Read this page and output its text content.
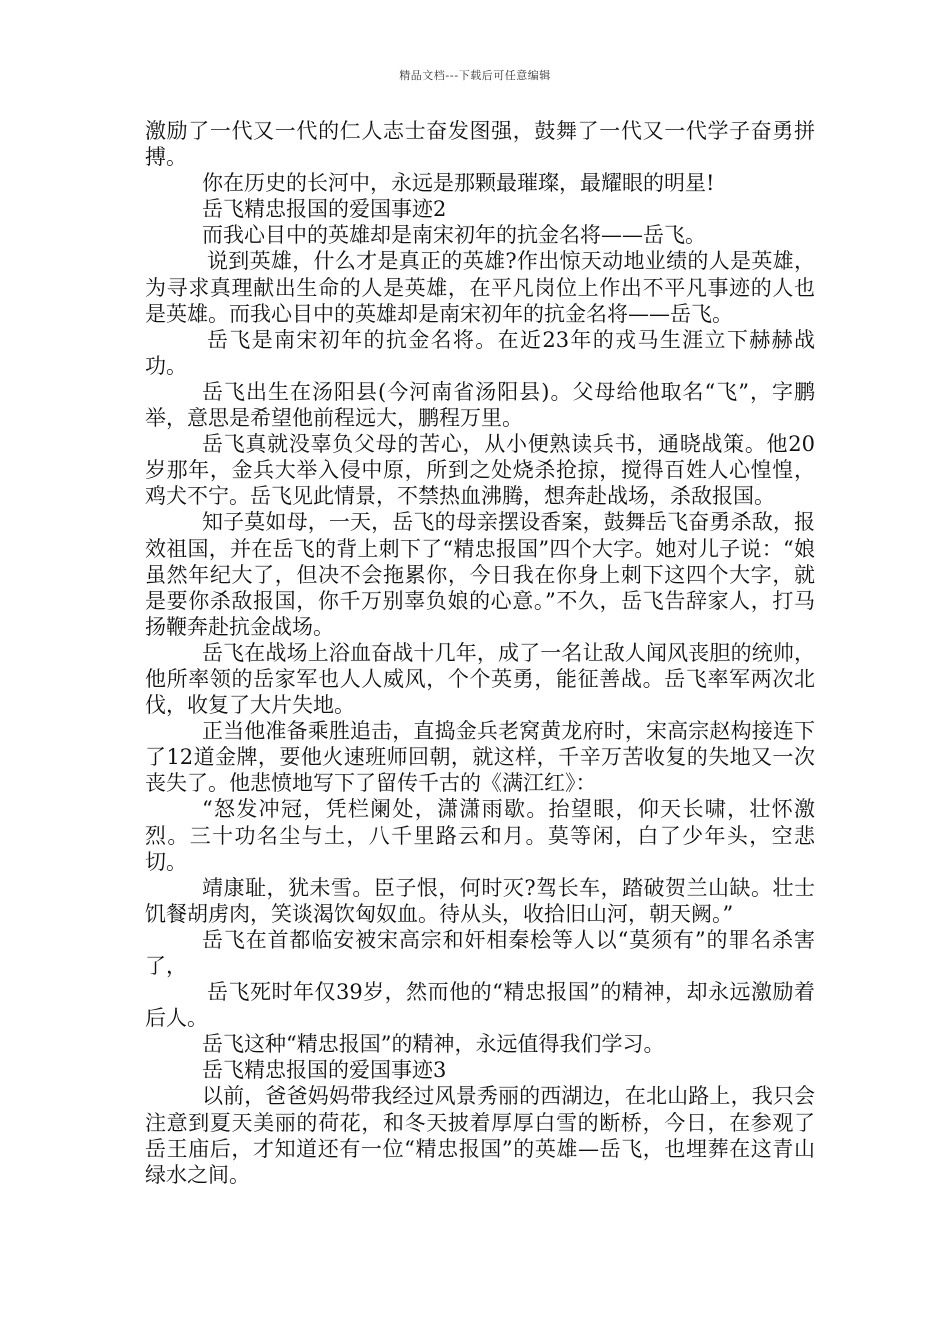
精品文档---下载后可任意编辑

激励了一代又一代的仁人志士奋发图强，鼓舞了一代又一代学子奋勇拼搏。

你在历史的长河中，永远是那颗最璀璨，最耀眼的明星!

岳飞精忠报国的爱国事迹2

而我心目中的英雄却是南宋初年的抗金名将——岳飞。

说到英雄，什么才是真正的英雄?作出惊天动地业绩的人是英雄，为寻求真理献出生命的人是英雄，在平凡岗位上作出不平凡事迹的人也是英雄。而我心目中的英雄却是南宋初年的抗金名将——岳飞。

岳飞是南宋初年的抗金名将。在近23年的戎马生涯立下赫赫战功。

岳飞出生在汤阳县(今河南省汤阳县)。父母给他取名“飞”，字鹏举，意思是希望他前程远大，鹏程万里。

岳飞真就没辜负父母的苦心，从小便熟读兵书，通晓战策。他20岁那年，金兵大举入侵中原，所到之处烧杀抢掠，搅得百姓人心惶惶，鸡犬不宁。岳飞见此情景，不禁热血沸腾，想奔赴战场，杀敌报国。

知子莫如母，一天，岳飞的母亲摆设香案，鼓舞岳飞奋勇杀敌，报效祖国，并在岳飞的背上刺下了“精忠报国”四个大字。她对儿子说：“娘虽然年纪大了，但决不会拖累你，今日我在你身上刺下这四个大字，就是要你杀敌报国，你千万别辜负娘的心意。”不久，岳飞告辞家人，打马扬鞭奔赴抗金战场。

岳飞在战场上浴血奋战十几年，成了一名让敌人闻风丧胆的统帅，他所率领的岳家军也人人威风，个个英勇，能征善战。岳飞率军两次北伐，收复了大片失地。

正当他准备乘胜追击，直捣金兵老窝黄龙府时，宋高宗赵构接连下了12道金牌，要他火速班师回朝，就这样，千辛万苦收复的失地又一次丧失了。他悲愤地写下了留传千古的《满江红》：

“怒发冲冠，凭栏阑处，潇潇雨歇。抬望眼，仰天长啸，壮怀激烈。三十功名尘与土，八千里路云和月。莫等闲，白了少年头，空悲切。

靖康耻，犹未雪。臣子恨，何时灭?驾长车，踏破贺兰山缺。壮士饥餐胡虏肉，笑谈渴饮匈奴血。待从头，收拾旧山河，朝天阙。”

岳飞在首都临安被宋高宗和奸相秦桧等人以“莫须有”的罪名杀害了，

岳飞死时年仅39岁，然而他的“精忠报国”的精神，却永远激励着后人。

岳飞这种“精忠报国”的精神，永远值得我们学习。

岳飞精忠报国的爱国事迹3

以前，爸爸妈妈带我经过风景秀丽的西湖边，在北山路上，我只会注意到夏天美丽的荷花，和冬天披着厚厚白雪的断桥，今日，在参观了岳王庙后，才知道还有一位“精忠报国”的英雄—岳飞，也埋葬在这青山绿水之间。
